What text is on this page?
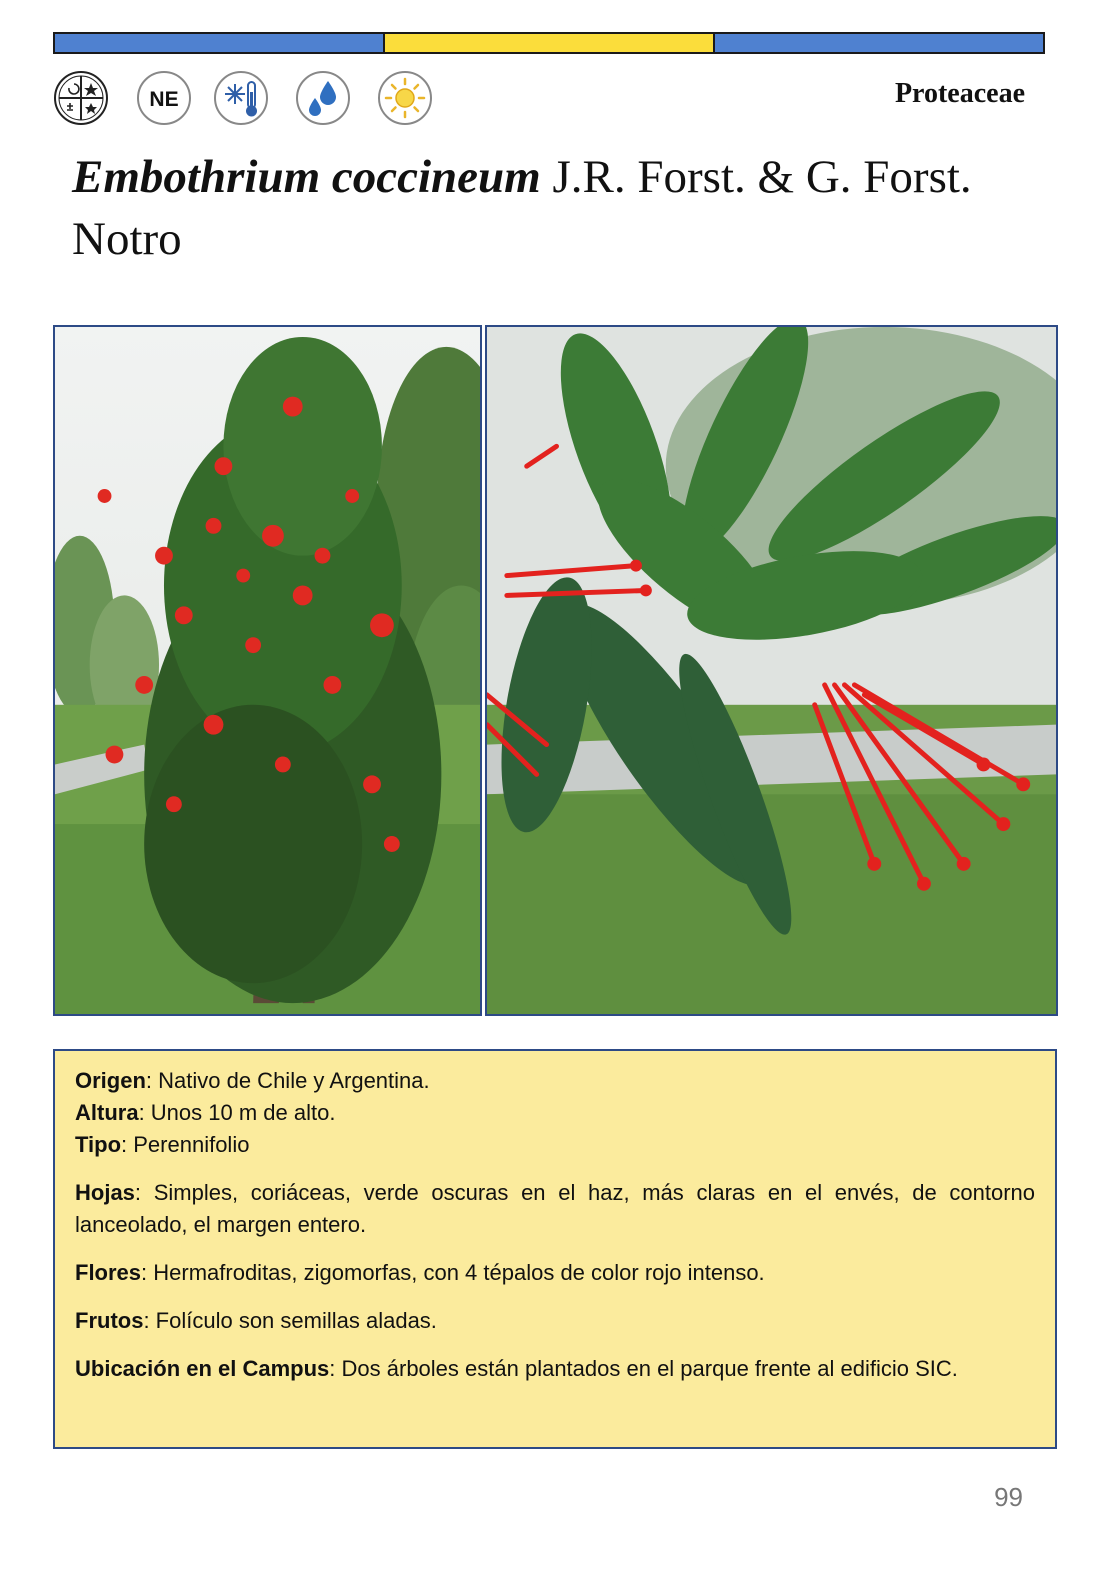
NE	Proteaceae
Embothrium coccineum J.R. Forst. & G. Forst.
Notro

Origen: Nativo de Chile y Argentina.

Altura: Unos 10 m de alto.

Tipo: Perennifolio

Hojas: Simples, coriáceas, verde oscuras en el haz, más claras en el envés, de contorno lanceolado, el margen entero.

Flores: Hermafroditas, zigomorfas, con 4 tépalos de color rojo intenso.

Frutos: Folículo son semillas aladas.

Ubicación en el Campus: Dos árboles están plantados en el parque frente al edificio SIC.

99
